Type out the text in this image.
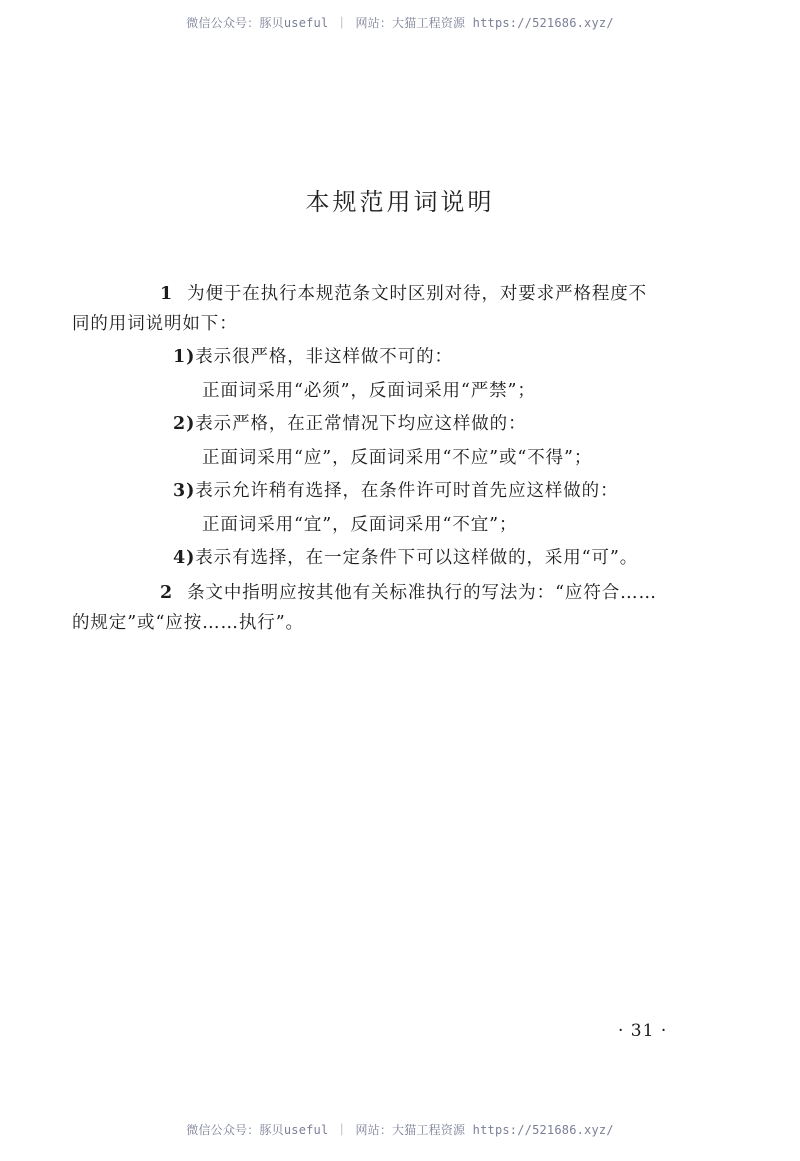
微信公众号：豚贝useful ｜ 网站：大猫工程资源 https://521686.xyz/
本规范用词说明

1 为便于在执行本规范条文时区别对待，对要求严格程度不
同的用词说明如下：

1)表示很严格，非这样做不可的：
正面词采用“必须”，反面词采用“严禁”；
2)表示严格，在正常情况下均应这样做的：
正面词采用“应”，反面词采用“不应”或“不得”；
3)表示允许稍有选择，在条件许可时首先应这样做的：
正面词采用“宜”，反面词采用“不宜”；
4)表示有选择，在一定条件下可以这样做的，采用“可”。

2 条文中指明应按其他有关标准执行的写法为：“应符合……
的规定”或“应按……执行”。

· 31 ·
微信公众号：豚贝useful ｜ 网站：大猫工程资源 https://521686.xyz/
